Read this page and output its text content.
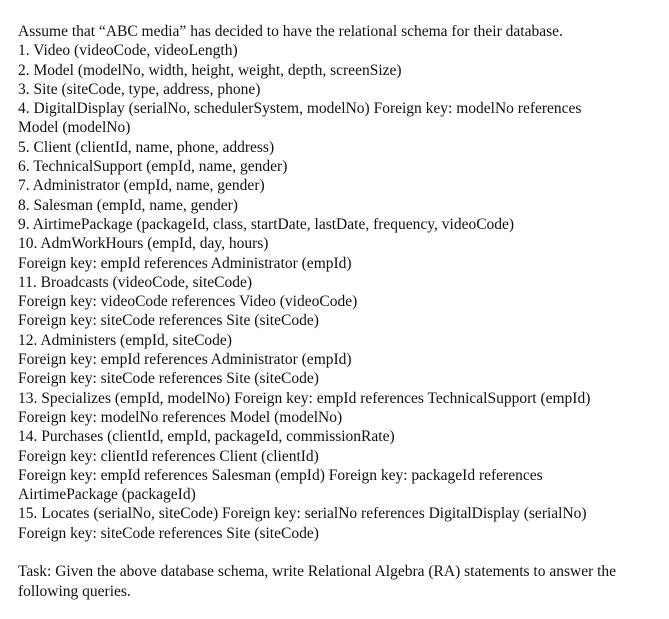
Assume that “ABC media” has decided to have the relational schema for their database.
1. Video (videoCode, videoLength)
2. Model (modelNo, width, height, weight, depth, screenSize)
3. Site (siteCode, type, address, phone)
4. DigitalDisplay (serialNo, schedulerSystem, modelNo) Foreign key: modelNo references
Model (modelNo)
5. Client (clientId, name, phone, address)
6. TechnicalSupport (empId, name, gender)
7. Administrator (empId, name, gender)
8. Salesman (empId, name, gender)
9. AirtimePackage (packageId, class, startDate, lastDate, frequency, videoCode)
10. AdmWorkHours (empId, day, hours)
Foreign key: empId references Administrator (empId)
11. Broadcasts (videoCode, siteCode)
Foreign key: videoCode references Video (videoCode)
Foreign key: siteCode references Site (siteCode)
12. Administers (empId, siteCode)
Foreign key: empId references Administrator (empId)
Foreign key: siteCode references Site (siteCode)
13. Specializes (empId, modelNo) Foreign key: empId references TechnicalSupport (empId)
Foreign key: modelNo references Model (modelNo)
14. Purchases (clientId, empId, packageId, commissionRate)
Foreign key: clientId references Client (clientId)
Foreign key: empId references Salesman (empId) Foreign key: packageId references
AirtimePackage (packageId)
15. Locates (serialNo, siteCode) Foreign key: serialNo references DigitalDisplay (serialNo)
Foreign key: siteCode references Site (siteCode)
Task: Given the above database schema, write Relational Algebra (RA) statements to answer the
following queries.
